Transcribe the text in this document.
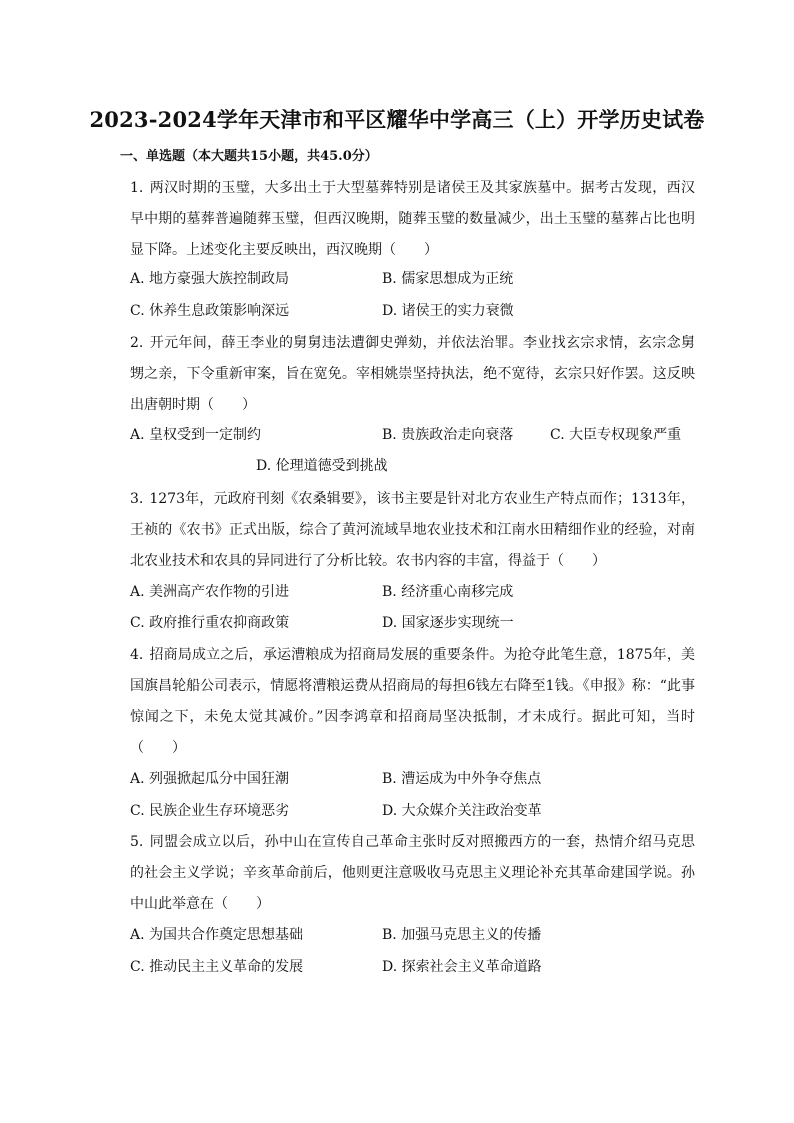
2023-2024学年天津市和平区耀华中学高三（上）开学历史试卷
一、单选题（本大题共15小题，共45.0分）
1. 两汉时期的玉璧，大多出土于大型墓葬特别是诸侯王及其家族墓中。据考古发现，西汉早中期的墓葬普遍随葬玉璧，但西汉晚期，随葬玉璧的数量减少，出土玉璧的墓葬占比也明显下降。上述变化主要反映出，西汉晚期（　　）
A. 地方豪强大族控制政局	B. 儒家思想成为正统
C. 休养生息政策影响深远	D. 诸侯王的实力衰微
2. 开元年间，薛王李业的舅舅违法遭御史弹劾，并依法治罪。李业找玄宗求情，玄宗念舅甥之亲，下令重新审案，旨在宽免。宰相姚崇坚持执法，绝不宽待，玄宗只好作罢。这反映出唐朝时期（　　）
A. 皇权受到一定制约	B. 贵族政治走向衰落	C. 大臣专权现象严重
D. 伦理道德受到挑战
3. 1273年，元政府刊刻《农桑辑要》，该书主要是针对北方农业生产特点而作；1313年，王祯的《农书》正式出版，综合了黄河流域旱地农业技术和江南水田精细作业的经验，对南北农业技术和农具的异同进行了分析比较。农书内容的丰富，得益于（　　）
A. 美洲高产农作物的引进	B. 经济重心南移完成
C. 政府推行重农抑商政策	D. 国家逐步实现统一
4. 招商局成立之后，承运漕粮成为招商局发展的重要条件。为抢夺此笔生意，1875年，美国旗昌轮船公司表示，情愿将漕粮运费从招商局的每担6钱左右降至1钱。《申报》称：“此事惊闻之下，未免太觉其减价。”因李鸿章和招商局坚决抵制，才未成行。据此可知，当时（　　）
A. 列强掀起瓜分中国狂潮	B. 漕运成为中外争夺焦点
C. 民族企业生存环境恶劣	D. 大众媒介关注政治变革
5. 同盟会成立以后，孙中山在宣传自己革命主张时反对照搬西方的一套，热情介绍马克思的社会主义学说；辛亥革命前后，他则更注意吸收马克思主义理论补充其革命建国学说。孙中山此举意在（　　）
A. 为国共合作奠定思想基础	B. 加强马克思主义的传播
C. 推动民主主义革命的发展	D. 探索社会主义革命道路
